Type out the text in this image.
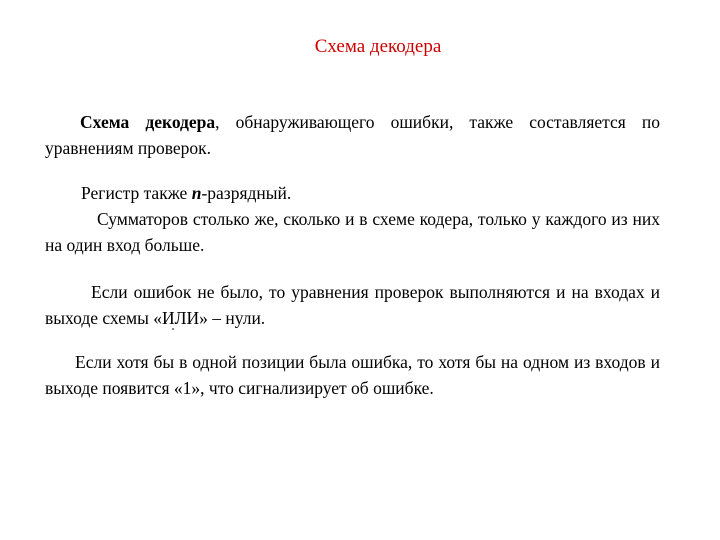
Схема декодера
Схема декодера, обнаруживающего ошибки, также составляется по уравнениям проверок.
Регистр также n-разрядный.
Сумматоров столько же, сколько и в схеме кодера, только у каждого из них на один вход больше.
Если ошибок не было, то уравнения проверок выполняются и на входах и выходе схемы «ИЛИ» – нули.
Если хотя бы в одной позиции была ошибка, то хотя бы на одном из входов и выходе появится «1», что сигнализирует об ошибке.
